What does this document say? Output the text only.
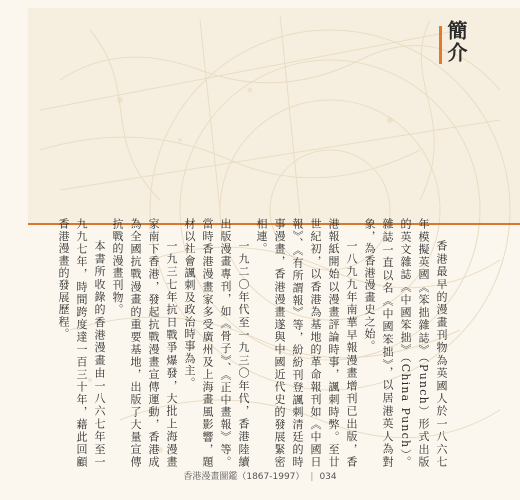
簡介

香港最早的漫畫刊物為英國人於一八六七年模擬英國《笨拙雜誌》（Punch）形式出版的英文雜誌《中國笨拙》（China Punch）。雜誌一直以名《中國笨拙》，以居港英人為對象，為香港漫畫史之始。

一八九九年南華早報漫畫增刊已出版，香港報紙開始以漫畫評論時事，諷刺時弊。至廿世紀初，以香港為基地的革命報刊如《中國日報》、《有所謂報》等，紛紛刊登諷刺清廷的時事漫畫，香港漫畫遂與中國近代史的發展緊密相連。

一九二〇年代至一九三〇年代，香港陸續出版漫畫專刊，如《骨子》、《正中畫報》等。當時香港漫畫家多受廣州及上海畫風影響，題材以社會諷刺及政治時事為主。

一九三七年抗日戰爭爆發，大批上海漫畫家南下香港，發起抗戰漫畫宣傳運動，香港成為全國抗戰漫畫的重要基地，出版了大量宣傳抗戰的漫畫刊物。

本書所收錄的香港漫畫由一八六七年至一九九七年，時間跨度達一百三十年，藉此回顧香港漫畫的發展歷程。

香港漫畫圖鑑（1867-1997） | 034
